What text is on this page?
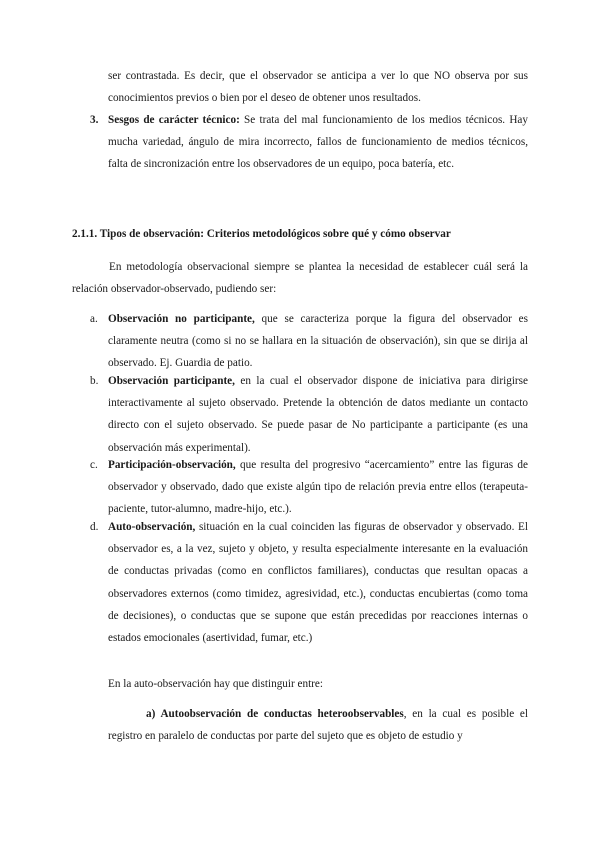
ser contrastada. Es decir, que el observador se anticipa a ver lo que NO observa por sus conocimientos previos o bien por el deseo de obtener unos resultados.

3. Sesgos de carácter técnico: Se trata del mal funcionamiento de los medios técnicos. Hay mucha variedad, ángulo de mira incorrecto, fallos de funcionamiento de medios técnicos, falta de sincronización entre los observadores de un equipo, poca batería, etc.

2.1.1. Tipos de observación: Criterios metodológicos sobre qué y cómo observar

En metodología observacional siempre se plantea la necesidad de establecer cuál será la relación observador-observado, pudiendo ser:

a. Observación no participante, que se caracteriza porque la figura del observador es claramente neutra (como si no se hallara en la situación de observación), sin que se dirija al observado. Ej. Guardia de patio.

b. Observación participante, en la cual el observador dispone de iniciativa para dirigirse interactivamente al sujeto observado. Pretende la obtención de datos mediante un contacto directo con el sujeto observado. Se puede pasar de No participante a participante (es una observación más experimental).

c. Participación-observación, que resulta del progresivo “acercamiento” entre las figuras de observador y observado, dado que existe algún tipo de relación previa entre ellos (terapeuta-paciente, tutor-alumno, madre-hijo, etc.).

d. Auto-observación, situación en la cual coinciden las figuras de observador y observado. El observador es, a la vez, sujeto y objeto, y resulta especialmente interesante en la evaluación de conductas privadas (como en conflictos familiares), conductas que resultan opacas a observadores externos (como timidez, agresividad, etc.), conductas encubiertas (como toma de decisiones), o conductas que se supone que están precedidas por reacciones internas o estados emocionales (asertividad, fumar, etc.)

En la auto-observación hay que distinguir entre:

a) Autoobservación de conductas heteroobservables, en la cual es posible el registro en paralelo de conductas por parte del sujeto que es objeto de estudio y
